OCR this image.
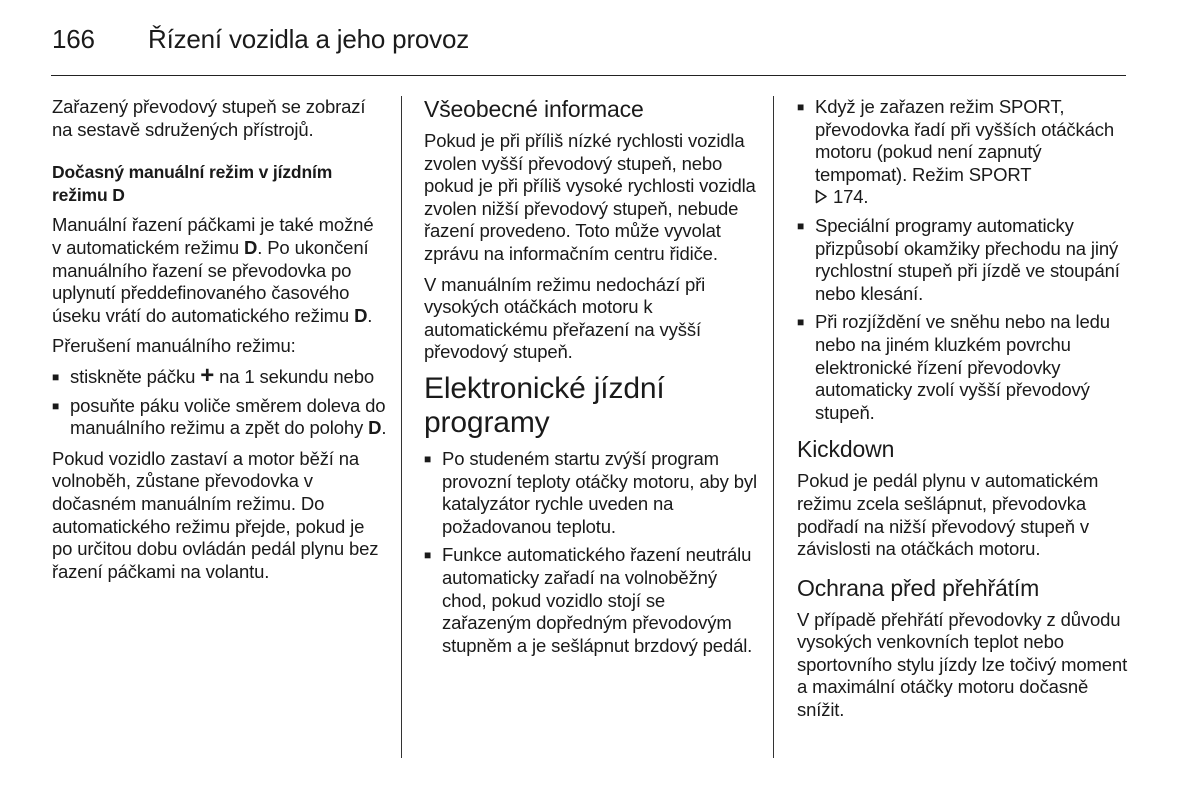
166 Řízení vozidla a jeho provoz

Zařazený převodový stupeň se zobrazí na sestavě sdružených přístrojů.

Dočasný manuální režim v jízdním režimu D

Manuální řazení páčkami je také možné v automatickém režimu D. Po ukončení manuálního řazení se převodovka po uplynutí předdefinovaného časového úseku vrátí do automatického režimu D.

Přerušení manuálního režimu:

■ stiskněte páčku + na 1 sekundu nebo
■ posuňte páku voliče směrem doleva do manuálního režimu a zpět do polohy D.

Pokud vozidlo zastaví a motor běží na volnoběh, zůstane převodovka v dočasném manuálním režimu. Do automatického režimu přejde, pokud je po určitou dobu ovládán pedál plynu bez řazení páčkami na volantu.

Všeobecné informace

Pokud je při příliš nízké rychlosti vozidla zvolen vyšší převodový stupeň, nebo pokud je při příliš vysoké rychlosti vozidla zvolen nižší převodový stupeň, nebude řazení provedeno. Toto může vyvolat zprávu na informačním centru řidiče.

V manuálním režimu nedochází při vysokých otáčkách motoru k automatickému přeřazení na vyšší převodový stupeň.

Elektronické jízdní programy

■ Po studeném startu zvýší program provozní teploty otáčky motoru, aby byl katalyzátor rychle uveden na požadovanou teplotu.
■ Funkce automatického řazení neutrálu automaticky zařadí na volnoběžný chod, pokud vozidlo stojí se zařazeným dopředným převodovým stupněm a je sešlápnut brzdový pedál.
■ Když je zařazen režim SPORT, převodovka řadí při vyšších otáčkách motoru (pokud není zapnutý tempomat). Režim SPORT
174.
■ Speciální programy automaticky přizpůsobí okamžiky přechodu na jiný rychlostní stupeň při jízdě ve stoupání nebo klesání.
■ Při rozjíždění ve sněhu nebo na ledu nebo na jiném kluzkém povrchu elektronické řízení převodovky automaticky zvolí vyšší převodový stupeň.

Kickdown

Pokud je pedál plynu v automatickém režimu zcela sešlápnut, převodovka podřadí na nižší převodový stupeň v závislosti na otáčkách motoru.

Ochrana před přehřátím

V případě přehřátí převodovky z důvodu vysokých venkovních teplot nebo sportovního stylu jízdy lze točivý moment a maximální otáčky motoru dočasně snížit.
